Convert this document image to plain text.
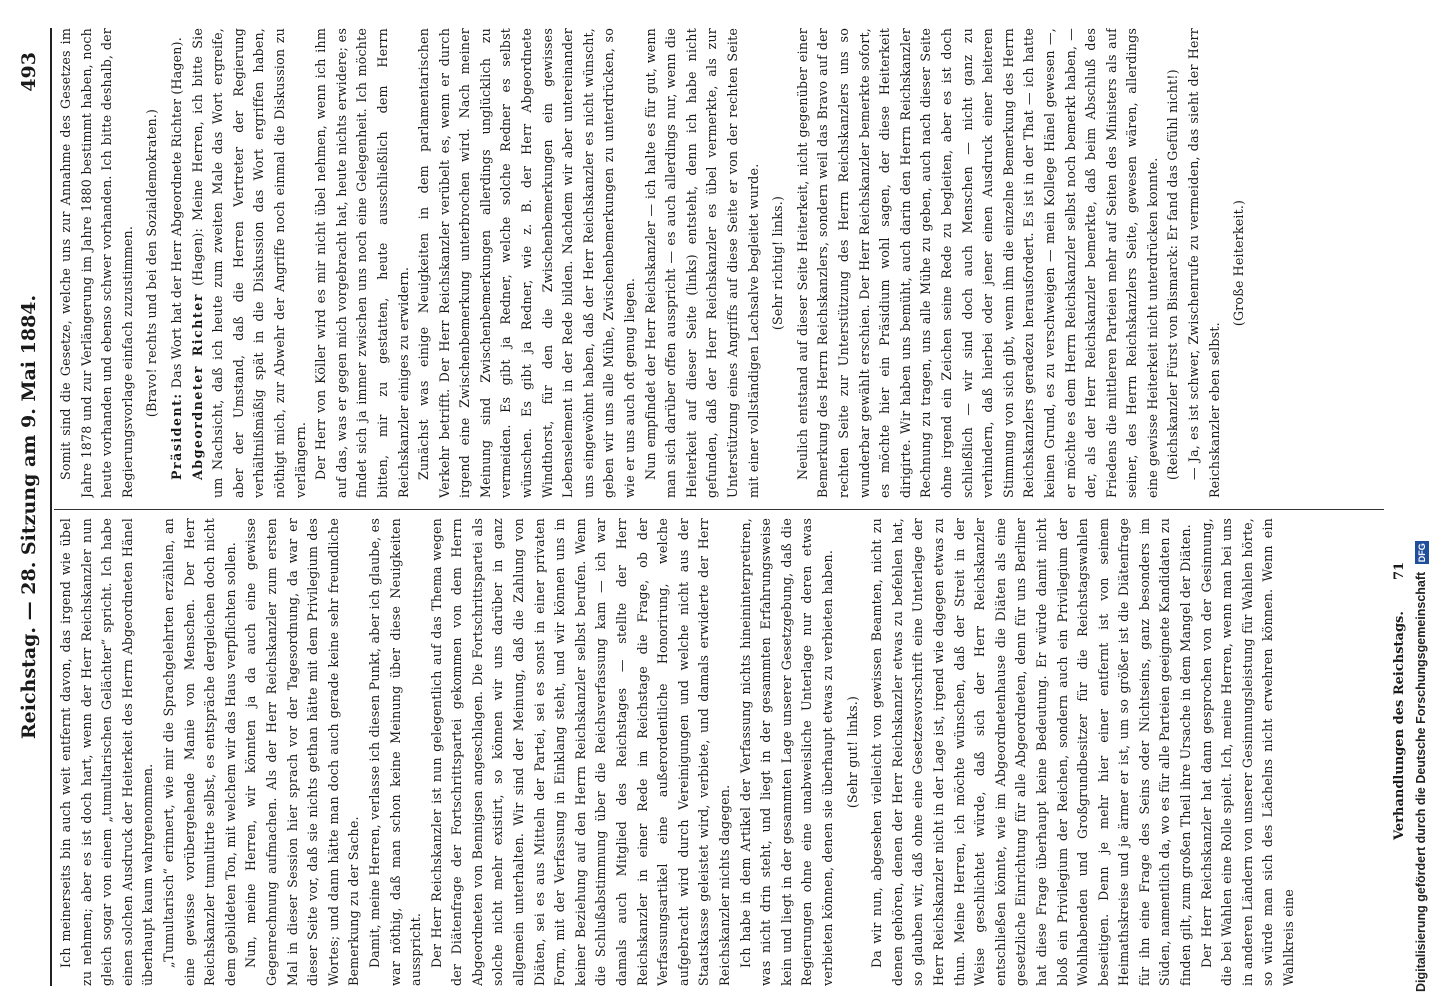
Reichstag. — 28. Sitzung am 9. Mai 1884.
493

Ich meinerseits bin auch weit entfernt davon, das irgend wie übel zu nehmen; aber es ist doch hart, wenn der Herr Reichskanzler nun gleich sogar von einem „tumultarischen Gelächter“ spricht. Ich habe einen solchen Ausdruck der Heiterkeit des Herrn Abgeordneten Hänel überhaupt kaum wahrgenommen. „Tumultarisch“ erinnert, wie mir die Sprachgelehrten erzählen, an eine gewisse vorübergehende Manie von Menschen. Der Herr Reichskanzler tumultirte selbst, es entspräche dergleichen doch nicht dem gebildeten Ton, mit welchem wir das Haus verpflichten sollen. Nun, meine Herren, wir könnten ja da auch eine gewisse Gegenrechnung aufmachen. Als der Herr Reichskanzler zum ersten Mal in dieser Session hier sprach vor der Tagesordnung, da war er dieser Seite vor, daß sie nichts gethan hätte mit dem Privilegium des Wortes; und dann hätte man doch auch gerade keine sehr freundliche Bemerkung zu der Sache. Damit, meine Herren, verlasse ich diesen Punkt, aber ich glaube, es war nöthig, daß man schon keine Meinung über diese Neuigkeiten ausspricht. Der Herr Reichskanzler ist nun gelegentlich auf das Thema wegen der Diätenfrage der Fortschrittspartei gekommen von dem Herrn Abgeordneten von Bennigsen angeschlagen. Die Fortschrittspartei als solche nicht mehr existirt, so können wir uns darüber in ganz allgemein unterhalten. Wir sind der Meinung, daß die Zahlung von Diäten, sei es aus Mitteln der Partei, sei es sonst in einer privaten Form, mit der Verfassung in Einklang steht, und wir können uns in keiner Beziehung auf den Herrn Reichskanzler selbst berufen. Wenn die Schlußabstimmung über die Reichsverfassung kam — ich war damals auch Mitglied des Reichstages — stellte der Herr Reichskanzler in einer Rede im Reichstage die Frage, ob der Verfassungsartikel eine außerordentliche Honorirung, welche aufgebracht wird durch Vereinigungen und welche nicht aus der Staatskasse geleistet wird, verbiete, und damals erwiderte der Herr Reichskanzler nichts dagegen. Ich habe in dem Artikel der Verfassung nichts hineininterpretiren, was nicht drin steht, und liegt in der gesammten Erfahrungsweise kein und liegt in der gesammten Lage unserer Gesetzgebung, daß die Regierungen ohne eine unabweisliche Unterlage nur deren etwas verbieten können, denen sie überhaupt etwas zu verbieten haben. (Sehr gut! links.) Da wir nun, abgesehen vielleicht von gewissen Beamten, nicht zu denen gehören, denen der Herr Reichskanzler etwas zu befehlen hat, so glauben wir, daß ohne eine Gesetzesvorschrift eine Unterlage der Herr Reichskanzler nicht in der Lage ist, irgend wie dagegen etwas zu thun. Meine Herren, ich möchte wünschen, daß der Streit in der Weise geschlichtet würde, daß sich der Herr Reichskanzler entschließen könnte, wie im Abgeordnetenhause die Diäten als eine gesetzliche Einrichtung für alle Abgeordneten, denn für uns Berliner hat diese Frage überhaupt keine Bedeutung. Er würde damit nicht bloß ein Privilegium der Reichen, sondern auch ein Privilegium der Wohlhabenden und Großgrundbesitzer für die Reichstagswahlen beseitigen. Denn je mehr hier einer entfernt ist von seinem Heimathskreise und je ärmer er ist, um so größer ist die Diätenfrage für ihn eine Frage des Seins oder Nichtseins, ganz besonders im Süden, namentlich da, wo es für alle Parteien geeignete Kandidaten zu finden gilt, zum großen Theil ihre Ursache in dem Mangel der Diäten. Der Herr Reichskanzler hat dann gesprochen von der Gesinnung, die bei Wahlen eine Rolle spielt. Ich, meine Herren, wenn man bei uns in anderen Ländern von unserer Gesinnungsleistung für Wahlen hörte, so würde man sich des Lächelns nicht erwehren können. Wenn ein Wahlkreis eine

Somit sind die Gesetze, welche uns zur Annahme des Gesetzes im Jahre 1878 und zur Verlängerung im Jahre 1880 bestimmt haben, noch heute vorhanden und ebenso schwer vorhanden. Ich bitte deshalb, der Regierungsvorlage einfach zuzustimmen. (Bravo! rechts und bei den Sozialdemokraten.)

Präsident: Das Wort hat der Herr Abgeordnete Richter (Hagen). Abgeordneter Richter (Hagen): Meine Herren, ich bitte Sie um Nachsicht, daß ich heute zum zweiten Male das Wort ergreife, aber der Umstand, daß die Herren Vertreter der Regierung verhältnißmäßig spät in die Diskussion das Wort ergriffen haben, nöthigt mich, zur Abwehr der Angriffe noch einmal die Diskussion zu verlängern. Der Herr von Köller wird es mir nicht übel nehmen, wenn ich ihm auf das, was er gegen mich vorgebracht hat, heute nichts erwidere; es findet sich ja immer zwischen uns noch eine Gelegenheit. Ich möchte bitten, mir zu gestatten, heute ausschließlich dem Herrn Reichskanzler einiges zu erwidern. Zunächst was einige Neuigkeiten in dem parlamentarischen Verkehr betrifft. Der Herr Reichskanzler verübelt es, wenn er durch irgend eine Zwischenbemerkung unterbrochen wird. Nach meiner Meinung sind Zwischenbemerkungen allerdings unglücklich zu vermeiden. Es gibt ja Redner, welche solche Redner es selbst wünschen. Es gibt ja Redner, wie z. B. der Herr Abgeordnete Windthorst, für den die Zwischenbemerkungen ein gewisses Lebenselement in der Rede bilden. Nachdem wir aber untereinander uns eingewöhnt haben, daß der Herr Reichskanzler es nicht wünscht, geben wir uns alle Mühe, Zwischenbemerkungen zu unterdrücken, so wie er uns auch oft genug liegen. Nun empfindet der Herr Reichskanzler — ich halte es für gut, wenn man sich darüber offen ausspricht — es auch allerdings nur, wenn die Heiterkeit auf dieser Seite (links) entsteht, denn ich habe nicht gefunden, daß der Herr Reichskanzler es übel vermerkte, als zur Unterstützung eines Angriffs auf diese Seite er von der rechten Seite mit einer vollständigen Lachsalve begleitet wurde. (Sehr richtig! links.) Neulich entstand auf dieser Seite Heiterkeit, nicht gegenüber einer Bemerkung des Herrn Reichskanzlers, sondern weil das Bravo auf der rechten Seite zur Unterstützung des Herrn Reichskanzlers uns so wunderbar gewählt erschien. Der Herr Reichskanzler bemerkte sofort, es möchte hier ein Präsidium wohl sagen, der diese Heiterkeit dirigirte. Wir haben uns bemüht, auch darin den Herrn Reichskanzler Rechnung zu tragen, uns alle Mühe zu geben, auch nach dieser Seite ohne irgend ein Zeichen seine Rede zu begleiten, aber es ist doch schließlich — wir sind doch auch Menschen — nicht ganz zu verhindern, daß hierbei oder jener einen Ausdruck einer heiteren Stimmung von sich gibt, wenn ihm die einzelne Bemerkung des Herrn Reichskanzlers geradezu herausfordert. Es ist in der That — ich hatte keinen Grund, es zu verschweigen — mein Kollege Hänel gewesen —, er möchte es dem Herrn Reichskanzler selbst noch bemerkt haben, — der, als der Herr Reichskanzler bemerkte, daß beim Abschluß des Friedens die mittleren Parteien mehr auf Seiten des Ministers als auf seiner, des Herrn Reichskanzlers Seite, gewesen wären, allerdings eine gewisse Heiterkeit nicht unterdrücken konnte. (Reichskanzler Fürst von Bismarck: Er fand das Gefühl nicht!) — Ja, es ist schwer, Zwischenrufe zu vermeiden, das sieht der Herr Reichskanzler eben selbst.

(Große Heiterkeit.)

Verhandlungen des Reichstags.
71
Digitalisierung gefördert durch die Deutsche Forschungsgemeinschaft DFG
